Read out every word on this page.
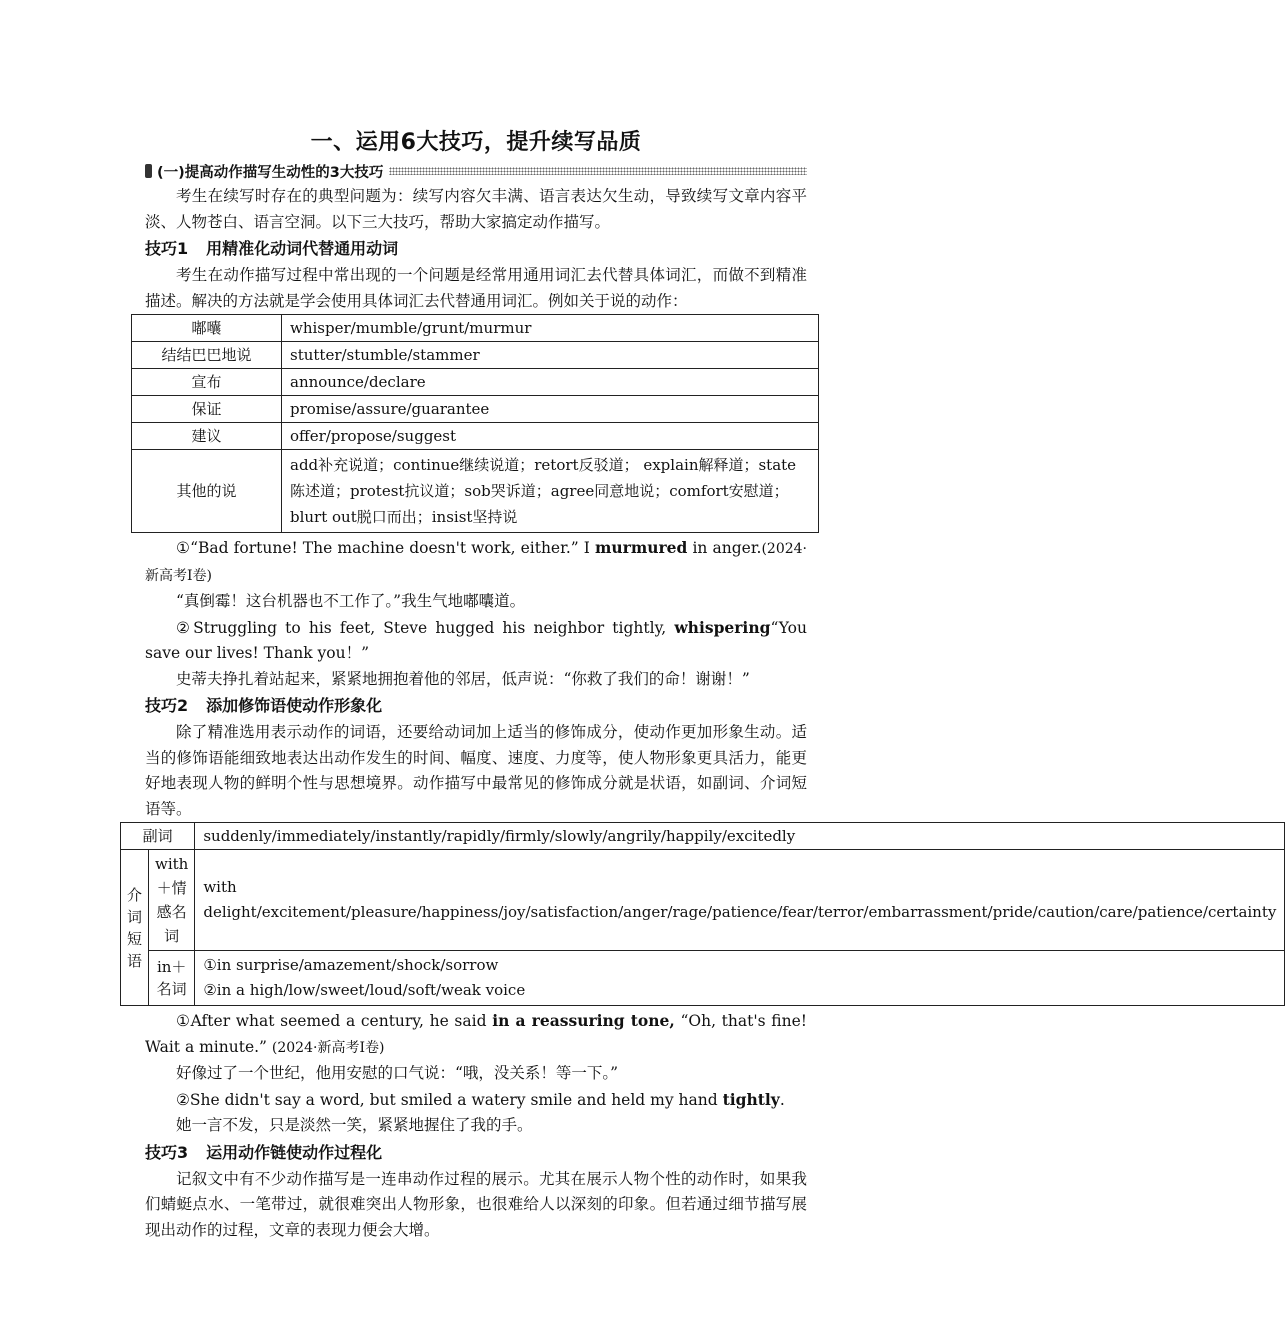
一、运用6大技巧，提升续写品质
(一)提高动作描写生动性的3大技巧

考生在续写时存在的典型问题为：续写内容欠丰满、语言表达欠生动，导致续写文章内容平淡、人物苍白、语言空洞。以下三大技巧，帮助大家搞定动作描写。

技巧1 用精准化动词代替通用动词

考生在动作描写过程中常出现的一个问题是经常用通用词汇去代替具体词汇，而做不到精准描述。解决的方法就是学会使用具体词汇去代替通用词汇。例如关于说的动作：

嘟囔	whisper/mumble/grunt/murmur
结结巴巴地说	stutter/stumble/stammer
宣布	announce/declare
保证	promise/assure/guarantee
建议	offer/propose/suggest
其他的说	add补充说道；continue继续说道；retort反驳道； explain解释道；state陈述道；protest抗议道；sob哭诉道；agree同意地说；comfort安慰道；blurt out脱口而出；insist坚持说

①“Bad fortune! The machine doesn't work, either.” I murmured in anger.(2024·新高考Ⅰ卷)

“真倒霉！这台机器也不工作了。”我生气地嘟囔道。

②Struggling to his feet, Steve hugged his neighbor tightly, whispering“You save our lives! Thank you！”

史蒂夫挣扎着站起来，紧紧地拥抱着他的邻居，低声说：“你救了我们的命！谢谢！”

技巧2 添加修饰语使动作形象化

除了精准选用表示动作的词语，还要给动词加上适当的修饰成分，使动作更加形象生动。适当的修饰语能细致地表达出动作发生的时间、幅度、速度、力度等，使人物形象更具活力，能更好地表现人物的鲜明个性与思想境界。动作描写中最常见的修饰成分就是状语，如副词、介词短语等。

副词		suddenly/immediately/instantly/rapidly/firmly/slowly/angrily/happily/excitedly
介词短语	with＋情感名词	with delight/excitement/pleasure/happiness/joy/satisfaction/anger/rage/patience/fear/terror/embarrassment/pride/caution/care/patience/certainty
	in＋名词	①in surprise/amazement/shock/sorrow
②in a high/low/sweet/loud/soft/weak voice

①After what seemed a century, he said in a reassuring tone, “Oh, that's fine! Wait a minute.” (2024·新高考Ⅰ卷)

好像过了一个世纪，他用安慰的口气说：“哦，没关系！等一下。”

②She didn't say a word, but smiled a watery smile and held my hand tightly.

她一言不发，只是淡然一笑，紧紧地握住了我的手。

技巧3 运用动作链使动作过程化

记叙文中有不少动作描写是一连串动作过程的展示。尤其在展示人物个性的动作时，如果我们蜻蜓点水、一笔带过，就很难突出人物形象，也很难给人以深刻的印象。但若通过细节描写展现出动作的过程，文章的表现力便会大增。
